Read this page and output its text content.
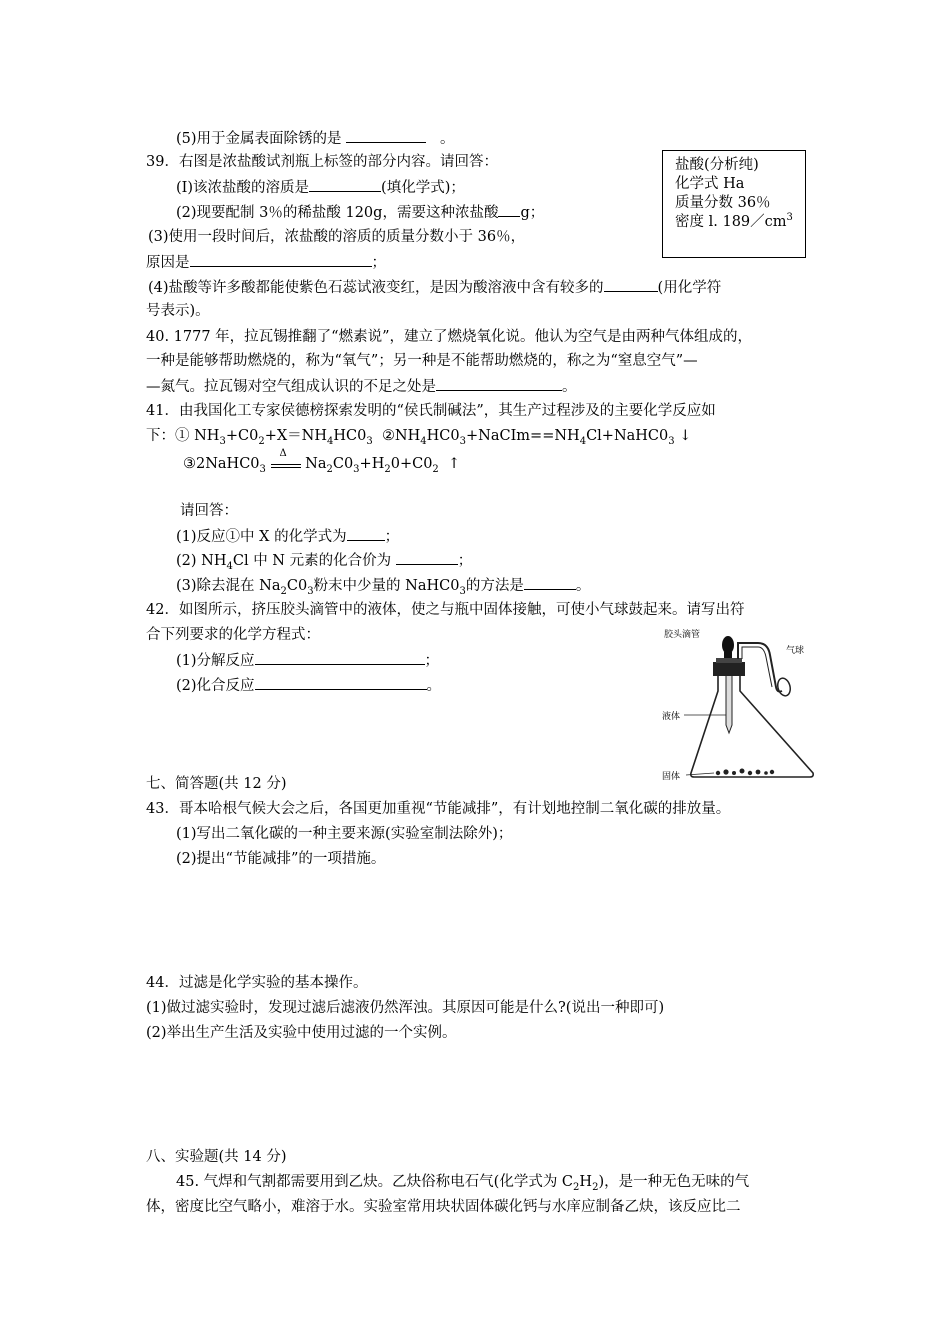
(5)用于金属表面除锈的是	。
39．右图是浓盐酸试剂瓶上标签的部分内容。请回答：
(I)该浓盐酸的溶质是	(填化学式)；
(2)现要配制 3％的稀盐酸 120g，需要这种浓盐酸 g；
(3)使用一段时间后，浓盐酸的溶质的质量分数小于 36％，
原因是	；
(4)盐酸等许多酸都能使紫色石蕊试液变红，是因为酸溶液中含有较多的	(用化学符
号表示)。
盐酸(分析纯)
化学式 Ha
质量分数 36％
密度 l. $189/cm^3$
40. 1777 年，拉瓦锡推翻了“燃素说”，建立了燃烧氧化说。他认为空气是由两种气体组成的，
一种是能够帮助燃烧的，称为“氧气”；另一种是不能帮助燃烧的，称之为“窒息空气”—
—氮气。拉瓦锡对空气组成认识的不足之处是	。
41．由我国化工专家侯德榜探索发明的“侯氏制碱法”，其生产过程涉及的主要化学反应如
下：① $NH_3+C0_2+X=NH_4HC0_3$ $②NH_4HC0_3+NaCIm==NH_4Cl+NaHC0_3$ ↓
$③2NaHC0_3$
Δ
$Na_2C0_3+H_20+C0_2$ ↑
请回答：
(1)反应①中 X 的化学式为	；
(2) $NH_4Cl$ 中 N 元素的化合价为	；
(3)除去混在 $Na_2C0_3$粉末中少量的 $NaHC0_3$的方法是	。
42．如图所示，挤压胶头滴管中的液体，使之与瓶中固体接触，可使小气球鼓起来。请写出符
合下列要求的化学方程式：
(1)分解反应	；
(2)化合反应	。
胶头滴管
气球
液体
固体
七、简答题(共 12 分)
43．哥本哈根气候大会之后，各国更加重视“节能减排”，有计划地控制二氧化碳的排放量。
(1)写出二氧化碳的一种主要来源(实验室制法除外)；
(2)提出“节能减排”的一项措施。
44．过滤是化学实验的基本操作。
(1)做过滤实验时，发现过滤后滤液仍然浑浊。其原因可能是什么?(说出一种即可)
(2)举出生产生活及实验中使用过滤的一个实例。
八、实验题(共 14 分)
45. 气焊和气割都需要用到乙炔。乙炔俗称电石气(化学式为 $C_2H_2$)，是一种无色无味的气
体，密度比空气略小，难溶于水。实验室常用块状固体碳化钙与水庠应制备乙炔，该反应比二
